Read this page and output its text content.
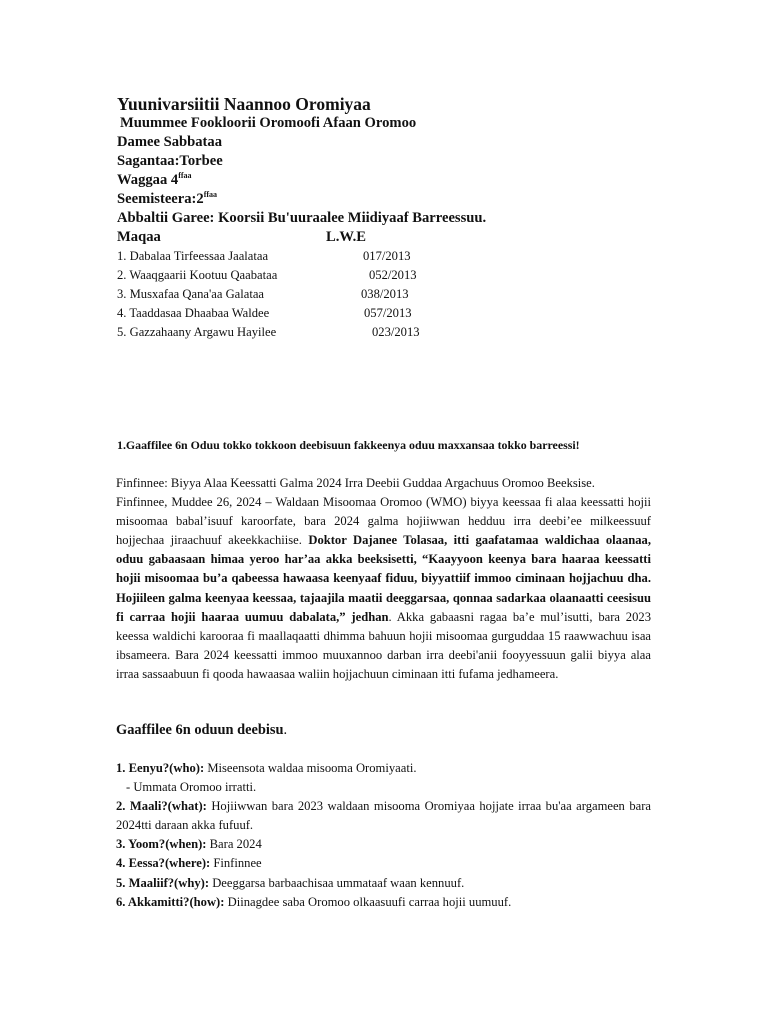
Yuunivarsiitii Naannoo Oromiyaa
Muummee Fookloorii Oromoofi Afaan Oromoo
Damee Sabbataa
Sagantaa:Torbee
Waggaa $4^{ffaa}$
$Seemisteera:2^{ffaa}$
Abbaltii Garee: Koorsii Bu'uuraalee Miidiyaaf Barreessuu.
Maqaa	L.W.E
1. Dabalaa Tirfeessaa Jaalataa	017/2013
2. Waaqgaarii Kootuu Qaabataa	052/2013
3. Musxafaa Qana'aa Galataa	038/2013
4. Taaddasaa Dhaabaa Waldee	057/2013
5. Gazzahaany Argawu Hayilee	023/2013
1.Gaaffilee 6n Oduu tokko tokkoon deebisuun fakkeenya oduu maxxansaa tokko barreessi!

Finfinnee: Biyya Alaa Keessatti Galma 2024 Irra Deebii Guddaa Argachuus Oromoo Beeksise.

Finfinnee, Muddee 26, 2024 – Waldaan Misoomaa Oromoo (WMO) biyya keessaa fi alaa keessatti hojii misoomaa babal’isuuf karoorfate, bara 2024 galma hojiiwwan hedduu irra deebi’ee milkeessuuf hojjechaa jiraachuuf akeekkachiise. Doktor Dajanee Tolasaa, itti gaafatamaa waldichaa olaanaa, oduu gabaasaan himaa yeroo har’aa akka beeksisetti, “Kaayyoon keenya bara haaraa keessatti hojii misoomaa bu’a qabeessa hawaasa keenyaaf fiduu, biyyattiif immoo ciminaan hojjachuu dha. Hojiileen galma keenyaa keessaa, tajaajila maatii deeggarsaa, qonnaa sadarkaa olaanaatti ceesisuu fi carraa hojii haaraa uumuu dabalata,” jedhan. Akka gabaasni ragaa ba’e mul’isutti, bara 2023 keessa waldichi karooraa fi maallaqaatti dhimma bahuun hojii misoomaa gurguddaa 15 raawwachuu isaa ibsameera. Bara 2024 keessatti immoo muuxannoo darban irra deebi'anii fooyyessuun galii biyya alaa irraa sassaabuun fi qooda hawaasaa waliin hojjachuun ciminaan itti fufama jedhameera.

Gaaffilee 6n oduun deebisu.

1. Eenyu?(who): Miseensota waldaa misooma Oromiyaati.

- Ummata Oromoo irratti.

2. Maali?(what): Hojiiwwan bara 2023 waldaan misooma Oromiyaa hojjate irraa bu'aa argameen bara 2024tti daraan akka fufuuf.

3. Yoom?(when): Bara 2024

4. Eessa?(where): Finfinnee

5. Maaliif?(why): Deeggarsa barbaachisaa ummataaf waan kennuuf.

6. Akkamitti?(how): Diinagdee saba Oromoo olkaasuufi carraa hojii uumuuf.
